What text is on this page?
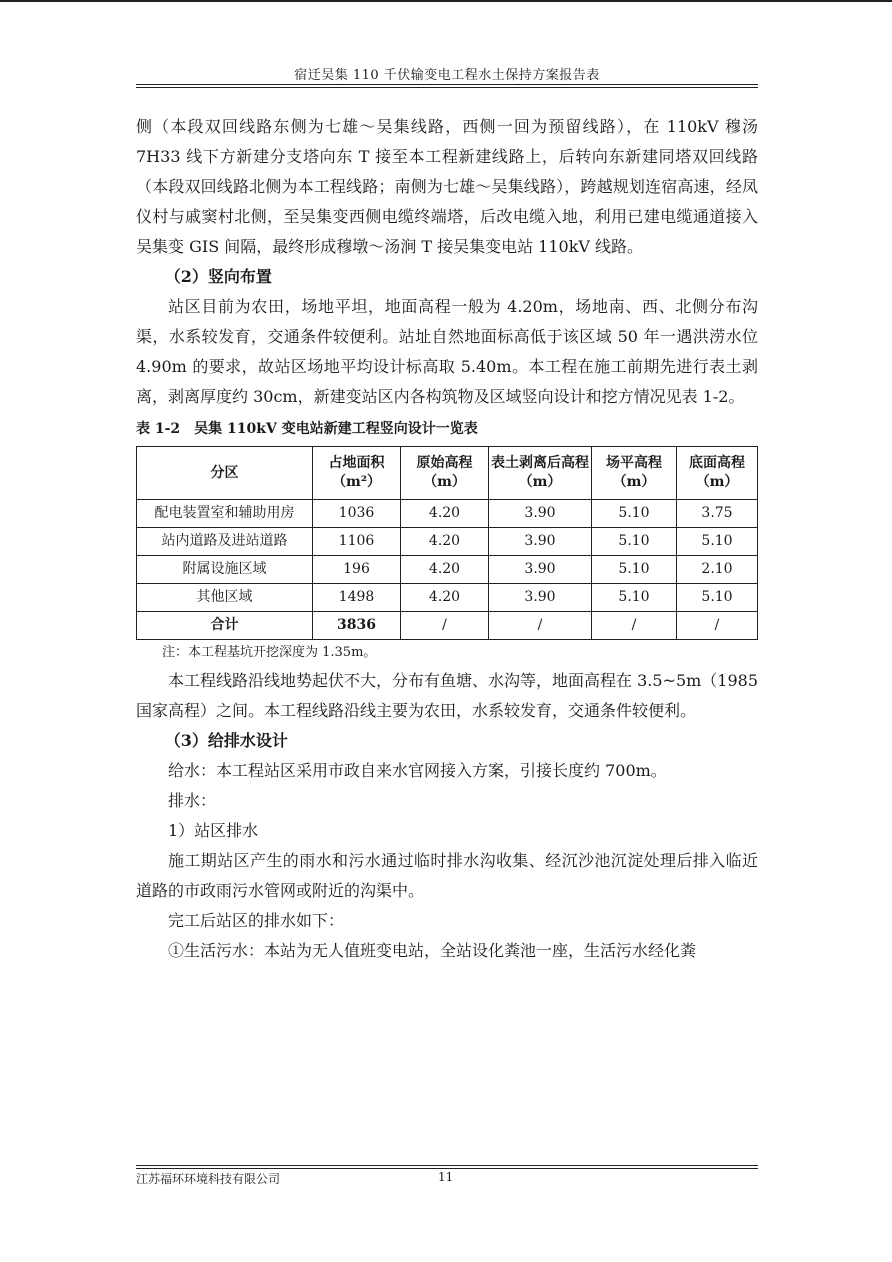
宿迁吴集 110 千伏输变电工程水土保持方案报告表

侧（本段双回线路东侧为七雄～吴集线路，西侧一回为预留线路），在 110kV 穆汤 7H33 线下方新建分支塔向东 T 接至本工程新建线路上，后转向东新建同塔双回线路（本段双回线路北侧为本工程线路；南侧为七雄～吴集线路），跨越规划连宿高速，经凤仪村与戚窦村北侧，至吴集变西侧电缆终端塔，后改电缆入地，利用已建电缆通道接入吴集变 GIS 间隔，最终形成穆墩～汤涧 T 接吴集变电站 110kV 线路。

（2）竖向布置

站区目前为农田，场地平坦，地面高程一般为 4.20m，场地南、西、北侧分布沟渠，水系较发育，交通条件较便利。站址自然地面标高低于该区域 50 年一遇洪涝水位 4.90m 的要求，故站区场地平均设计标高取 5.40m。本工程在施工前期先进行表土剥离，剥离厚度约 30cm，新建变站区内各构筑物及区域竖向设计和挖方情况见表 1-2。

表 1-2　吴集 110kV 变电站新建工程竖向设计一览表

分区	占地面积（m²）	原始高程（m）	表土剥离后高程（m）	场平高程（m）	底面高程（m）
配电装置室和辅助用房	1036	4.20	3.90	5.10	3.75
站内道路及进站道路	1106	4.20	3.90	5.10	5.10
附属设施区域	196	4.20	3.90	5.10	2.10
其他区域	1498	4.20	3.90	5.10	5.10
合计	3836	/	/	/	/

注：本工程基坑开挖深度为 1.35m。

本工程线路沿线地势起伏不大，分布有鱼塘、水沟等，地面高程在 3.5~5m（1985 国家高程）之间。本工程线路沿线主要为农田，水系较发育，交通条件较便利。

（3）给排水设计

给水：本工程站区采用市政自来水官网接入方案，引接长度约 700m。

排水：

1）站区排水

施工期站区产生的雨水和污水通过临时排水沟收集、经沉沙池沉淀处理后排入临近道路的市政雨污水管网或附近的沟渠中。

完工后站区的排水如下：

①生活污水：本站为无人值班变电站，全站设化粪池一座，生活污水经化粪

江苏福环环境科技有限公司	11
